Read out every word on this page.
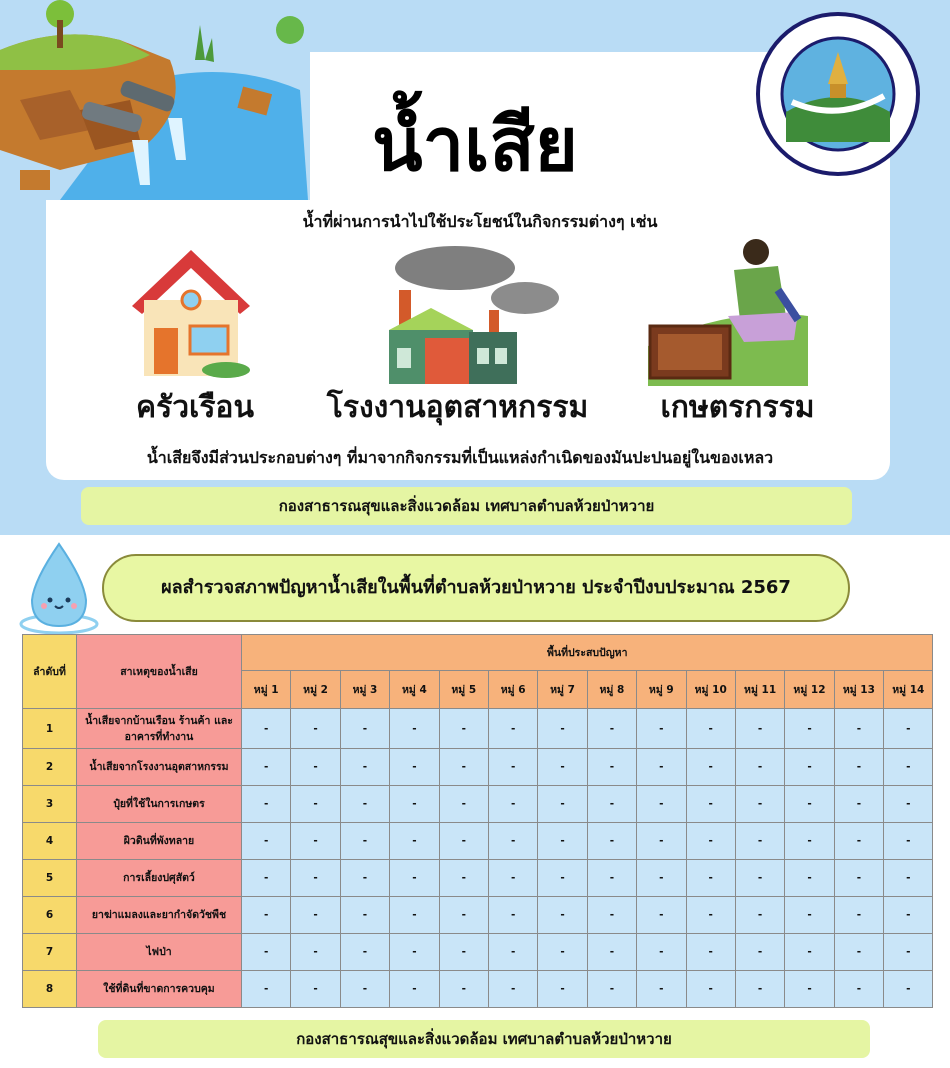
น้ำเสีย
น้ำที่ผ่านการนำไปใช้ประโยชน์ในกิจกรรมต่างๆ เช่น
ครัวเรือน	โรงงานอุตสาหกรรม	เกษตรกรรม
น้ำเสียจึงมีส่วนประกอบต่างๆ ที่มาจากกิจกรรมที่เป็นแหล่งกำเนิดของมันปะปนอยู่ในของเหลว
กองสาธารณสุขและสิ่งแวดล้อม เทศบาลตำบลห้วยป่าหวาย
ผลสำรวจสภาพปัญหาน้ำเสียในพื้นที่ตำบลห้วยป่าหวาย ประจำปีงบประมาณ 2567
ลำดับที่	สาเหตุของน้ำเสีย	พื้นที่ประสบปัญหา													
		หมู่ 1	หมู่ 2	หมู่ 3	หมู่ 4	หมู่ 5	หมู่ 6	หมู่ 7	หมู่ 8	หมู่ 9	หมู่ 10	หมู่ 11	หมู่ 12	หมู่ 13	หมู่ 14
1	น้ำเสียจากบ้านเรือน ร้านค้า และอาคารที่ทำงาน	-	-	-	-	-	-	-	-	-	-	-	-	-	-
2	น้ำเสียจากโรงงานอุตสาหกรรม	-	-	-	-	-	-	-	-	-	-	-	-	-	-
3	ปุ๋ยที่ใช้ในการเกษตร	-	-	-	-	-	-	-	-	-	-	-	-	-	-
4	ผิวดินที่พังทลาย	-	-	-	-	-	-	-	-	-	-	-	-	-	-
5	การเลี้ยงปศุสัตว์	-	-	-	-	-	-	-	-	-	-	-	-	-	-
6	ยาฆ่าแมลงและยากำจัดวัชพืช	-	-	-	-	-	-	-	-	-	-	-	-	-	-
7	ไฟป่า	-	-	-	-	-	-	-	-	-	-	-	-	-	-
8	ใช้ที่ดินที่ขาดการควบคุม	-	-	-	-	-	-	-	-	-	-	-	-	-	-
กองสาธารณสุขและสิ่งแวดล้อม เทศบาลตำบลห้วยป่าหวาย
